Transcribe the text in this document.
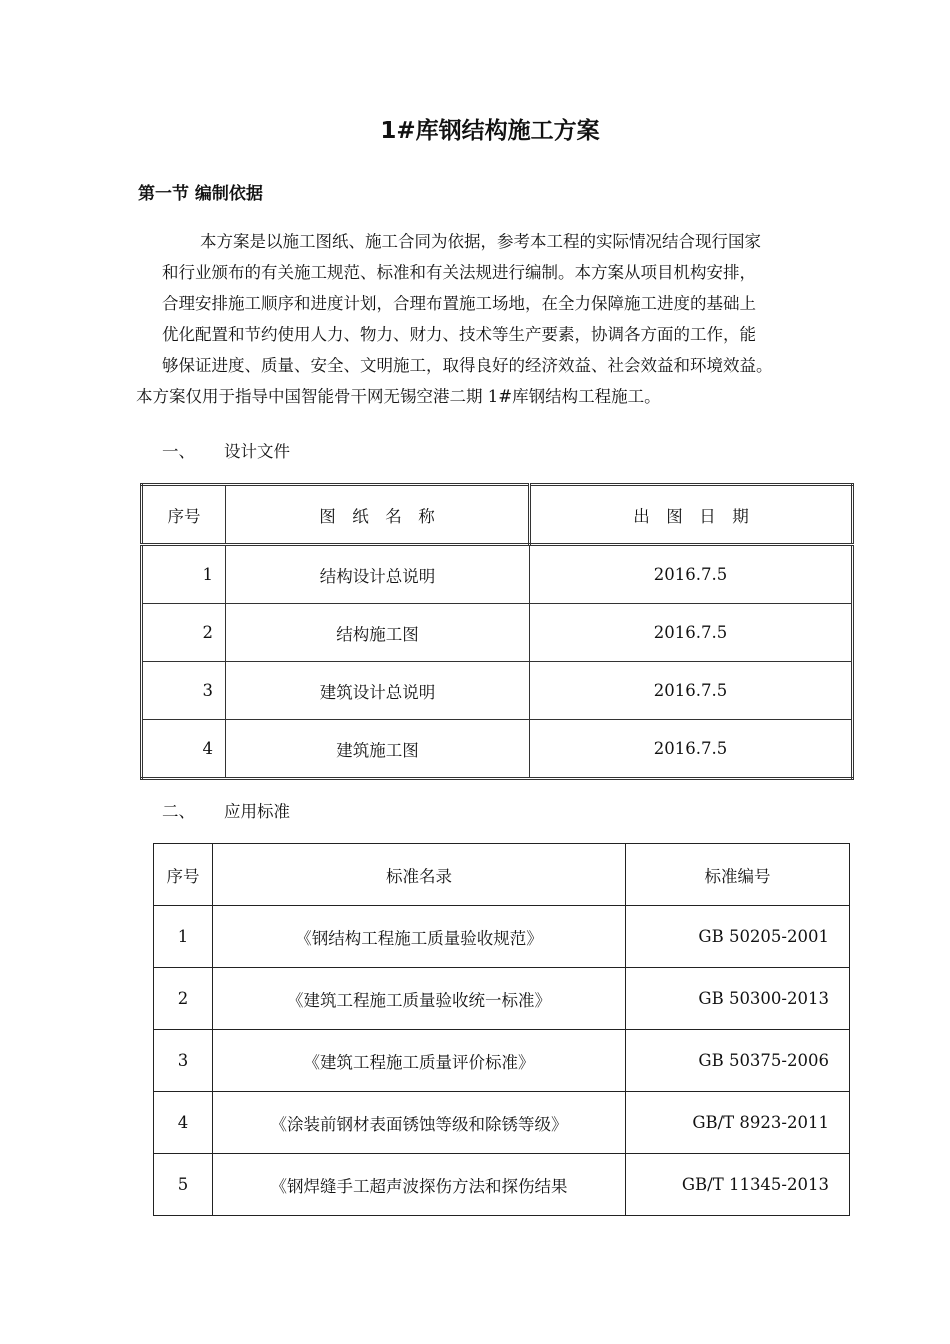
1#库钢结构施工方案
第一节 编制依据
本方案是以施工图纸、施工合同为依据，参考本工程的实际情况结合现行国家
和行业颁布的有关施工规范、标准和有关法规进行编制。本方案从项目机构安排，
合理安排施工顺序和进度计划，合理布置施工场地，在全力保障施工进度的基础上
优化配置和节约使用人力、物力、财力、技术等生产要素，协调各方面的工作，能
够保证进度、质量、安全、文明施工，取得良好的经济效益、社会效益和环境效益。
本方案仅用于指导中国智能骨干网无锡空港二期 1#库钢结构工程施工。
一、 设计文件
序号	图　纸　名　称	出　图　日　期
1	结构设计总说明	2016.7.5
2	结构施工图	2016.7.5
3	建筑设计总说明	2016.7.5
4	建筑施工图	2016.7.5
二、 应用标准
序号	标准名录	标准编号
1	《钢结构工程施工质量验收规范》	GB 50205-2001
2	《建筑工程施工质量验收统一标准》	GB 50300-2013
3	《建筑工程施工质量评价标准》	GB 50375-2006
4	《涂装前钢材表面锈蚀等级和除锈等级》	GB/T 8923-2011
5	《钢焊缝手工超声波探伤方法和探伤结果	GB/T 11345-2013
